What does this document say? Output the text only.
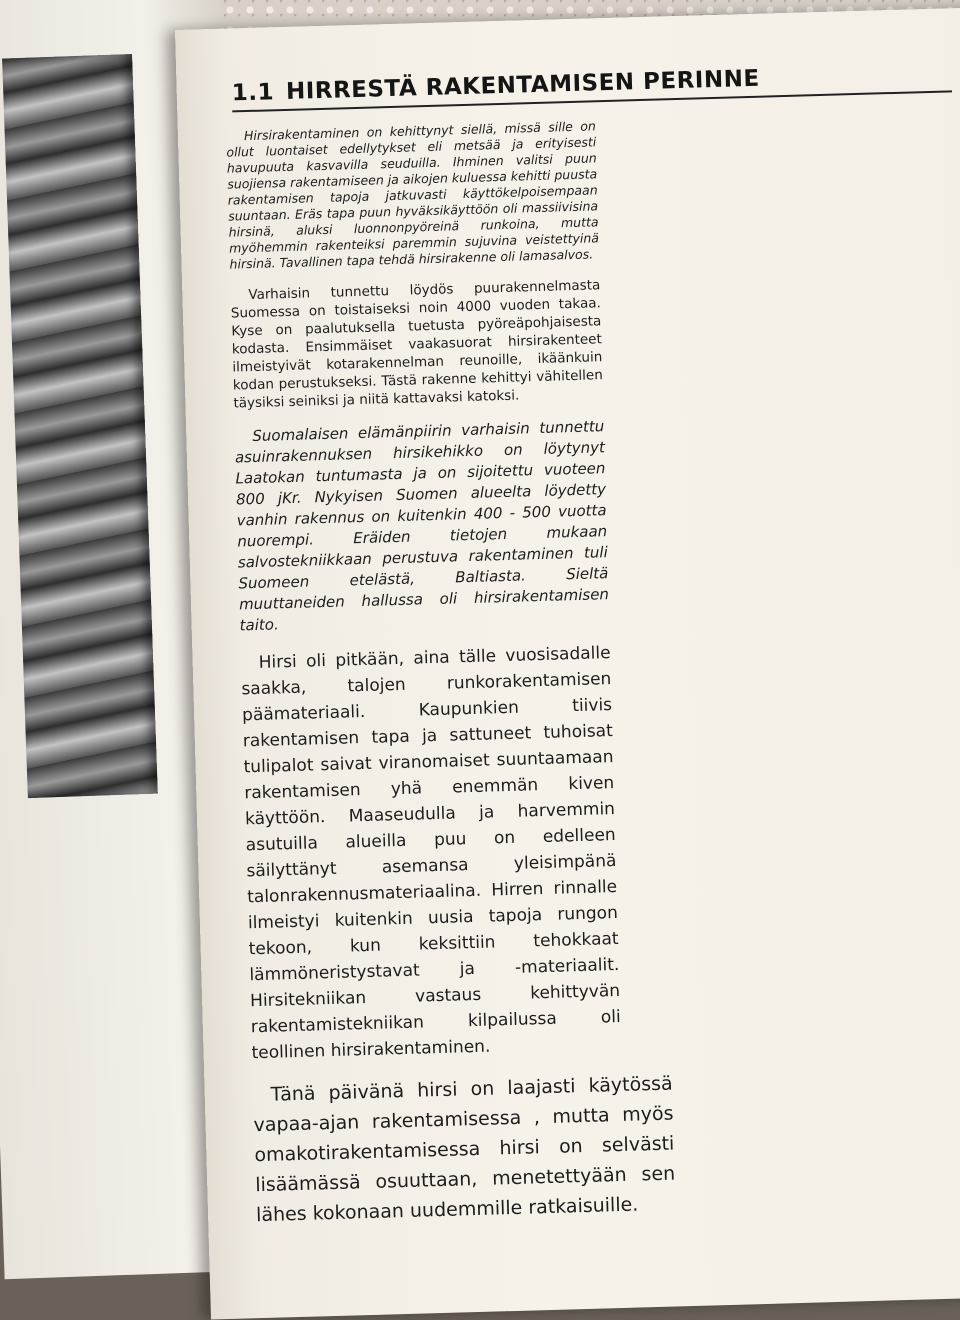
1.1 HIRRESTÄ RAKENTAMISEN PERINNE

Hirsirakentaminen on kehittynyt siellä, missä sille on ollut luontaiset edellytykset eli metsää ja erityisesti havupuuta kasvavilla seuduilla. Ihminen valitsi puun suojiensa rakentamiseen ja aikojen kuluessa kehitti puusta rakentamisen tapoja jatkuvasti käyttökelpoisempaan suuntaan. Eräs tapa puun hyväksikäyttöön oli massiivisina hirsinä, aluksi luonnonpyöreinä runkoina, mutta myöhemmin rakenteiksi paremmin sujuvina veistettyinä hirsinä. Tavallinen tapa tehdä hirsirakenne oli lamasalvos.

Varhaisin tunnettu löydös puurakennelmasta Suomessa on toistaiseksi noin 4000 vuoden takaa. Kyse on paalutuksella tuetusta pyöreäpohjaisesta kodasta. Ensimmäiset vaakasuorat hirsirakenteet ilmeistyivät kotarakennelman reunoille, ikäänkuin kodan perustukseksi. Tästä rakenne kehittyi vähitellen täysiksi seiniksi ja niitä kattavaksi katoksi.

Suomalaisen elämänpiirin varhaisin tunnettu asuinrakennuksen hirsikehikko on löytynyt Laatokan tuntumasta ja on sijoitettu vuoteen 800 jKr. Nykyisen Suomen alueelta löydetty vanhin rakennus on kuitenkin 400 - 500 vuotta nuorempi. Eräiden tietojen mukaan salvostekniikkaan perustuva rakentaminen tuli Suomeen etelästä, Baltiasta. Sieltä muuttaneiden hallussa oli hirsirakentamisen taito.

Hirsi oli pitkään, aina tälle vuosisadalle saakka, talojen runkorakentamisen päämateriaali. Kaupunkien tiivis rakentamisen tapa ja sattuneet tuhoisat tulipalot saivat viranomaiset suuntaamaan rakentamisen yhä enemmän kiven käyttöön. Maaseudulla ja harvemmin asutuilla alueilla puu on edelleen säilyttänyt asemansa yleisimpänä talonrakennusmateriaalina. Hirren rinnalle ilmeistyi kuitenkin uusia tapoja rungon tekoon, kun keksittiin tehokkaat lämmöneristystavat ja -materiaalit. Hirsitekniikan vastaus kehittyvän rakentamistekniikan kilpailussa oli teollinen hirsirakentaminen.

Tänä päivänä hirsi on laajasti käytössä vapaa-ajan rakentamisessa , mutta myös omakotirakentamisessa hirsi on selvästi lisäämässä osuuttaan, menetettyään sen lähes kokonaan uudemmille ratkaisuille.
